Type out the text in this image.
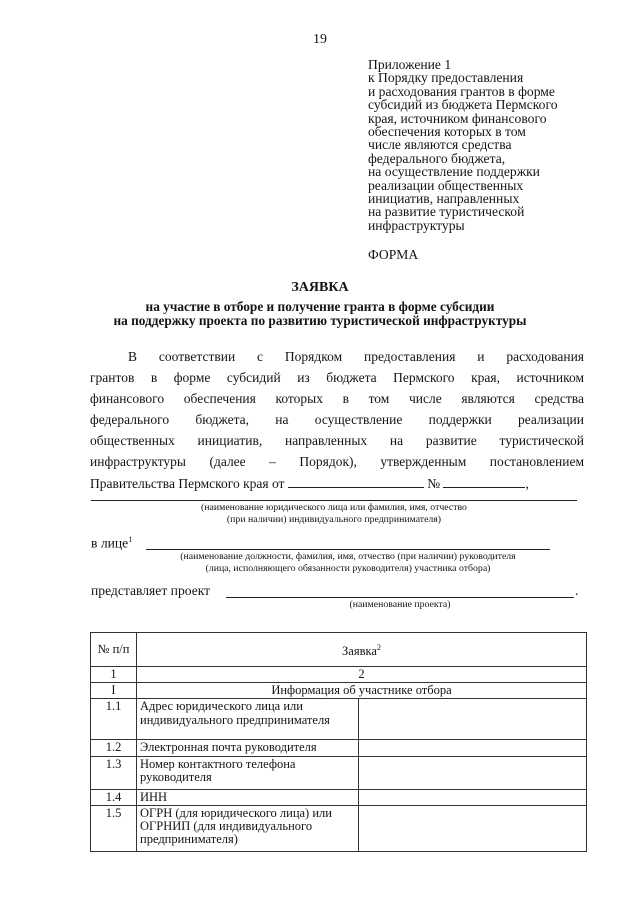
19
Приложение 1
к Порядку предоставления
и расходования грантов в форме
субсидий из бюджета Пермского
края, источником финансового
обеспечения которых в том
числе являются средства
федерального бюджета,
на осуществление поддержки
реализации общественных
инициатив, направленных
на развитие туристической
инфраструктуры
ФОРМА
ЗАЯВКА
на участие в отборе и получение гранта в форме субсидии
на поддержку проекта по развитию туристической инфраструктуры
В соответствии с Порядком предоставления и расходования
грантов в форме субсидий из бюджета Пермского края, источником
финансового обеспечения которых в том числе являются средства
федерального бюджета, на осуществление поддержки реализации
общественных инициатив, направленных на развитие туристической
инфраструктуры (далее – Порядок), утвержденным постановлением
Правительства Пермского края от	№	,
(наименование юридического лица или фамилия, имя, отчество
(при наличии) индивидуального предпринимателя)
в лице$^1$
(наименование должности, фамилия, имя, отчество (при наличии) руководителя
(лица, исполняющего обязанности руководителя) участника отбора)
представляет проект	.
(наименование проекта)
№ п/п	Заявка$^2$
1	2	
I	Информация об участнике отбора	
1.1	Адрес юридического лица или индивидуального предпринимателя	
1.2	Электронная почта руководителя	
1.3	Номер контактного телефона руководителя	
1.4	ИНН	
1.5	ОГРН (для юридического лица) или ОГРНИП (для индивидуального предпринимателя)	
